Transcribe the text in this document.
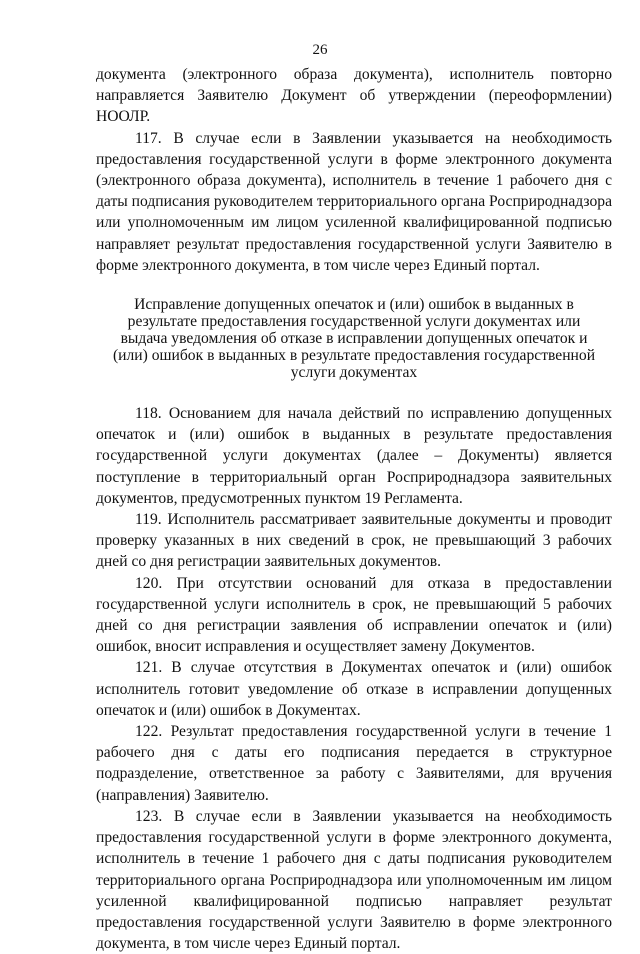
26

документа (электронного образа документа), исполнитель повторно направляется Заявителю Документ об утверждении (переоформлении) НООЛР.

117. В случае если в Заявлении указывается на необходимость предоставления государственной услуги в форме электронного документа (электронного образа документа), исполнитель в течение 1 рабочего дня с даты подписания руководителем территориального органа Росприроднадзора или уполномоченным им лицом усиленной квалифицированной подписью направляет результат предоставления государственной услуги Заявителю в форме электронного документа, в том числе через Единый портал.

Исправление допущенных опечаток и (или) ошибок в выданных в результате предоставления государственной услуги документах или выдача уведомления об отказе в исправлении допущенных опечаток и (или) ошибок в выданных в результате предоставления государственной услуги документах

118. Основанием для начала действий по исправлению допущенных опечаток и (или) ошибок в выданных в результате предоставления государственной услуги документах (далее – Документы) является поступление в территориальный орган Росприроднадзора заявительных документов, предусмотренных пунктом 19 Регламента.

119. Исполнитель рассматривает заявительные документы и проводит проверку указанных в них сведений в срок, не превышающий 3 рабочих дней со дня регистрации заявительных документов.

120. При отсутствии оснований для отказа в предоставлении государственной услуги исполнитель в срок, не превышающий 5 рабочих дней со дня регистрации заявления об исправлении опечаток и (или) ошибок, вносит исправления и осуществляет замену Документов.

121. В случае отсутствия в Документах опечаток и (или) ошибок исполнитель готовит уведомление об отказе в исправлении допущенных опечаток и (или) ошибок в Документах.

122. Результат предоставления государственной услуги в течение 1 рабочего дня с даты его подписания передается в структурное подразделение, ответственное за работу с Заявителями, для вручения (направления) Заявителю.

123. В случае если в Заявлении указывается на необходимость предоставления государственной услуги в форме электронного документа, исполнитель в течение 1 рабочего дня с даты подписания руководителем территориального органа Росприроднадзора или уполномоченным им лицом усиленной квалифицированной подписью направляет результат предоставления государственной услуги Заявителю в форме электронного документа, в том числе через Единый портал.
